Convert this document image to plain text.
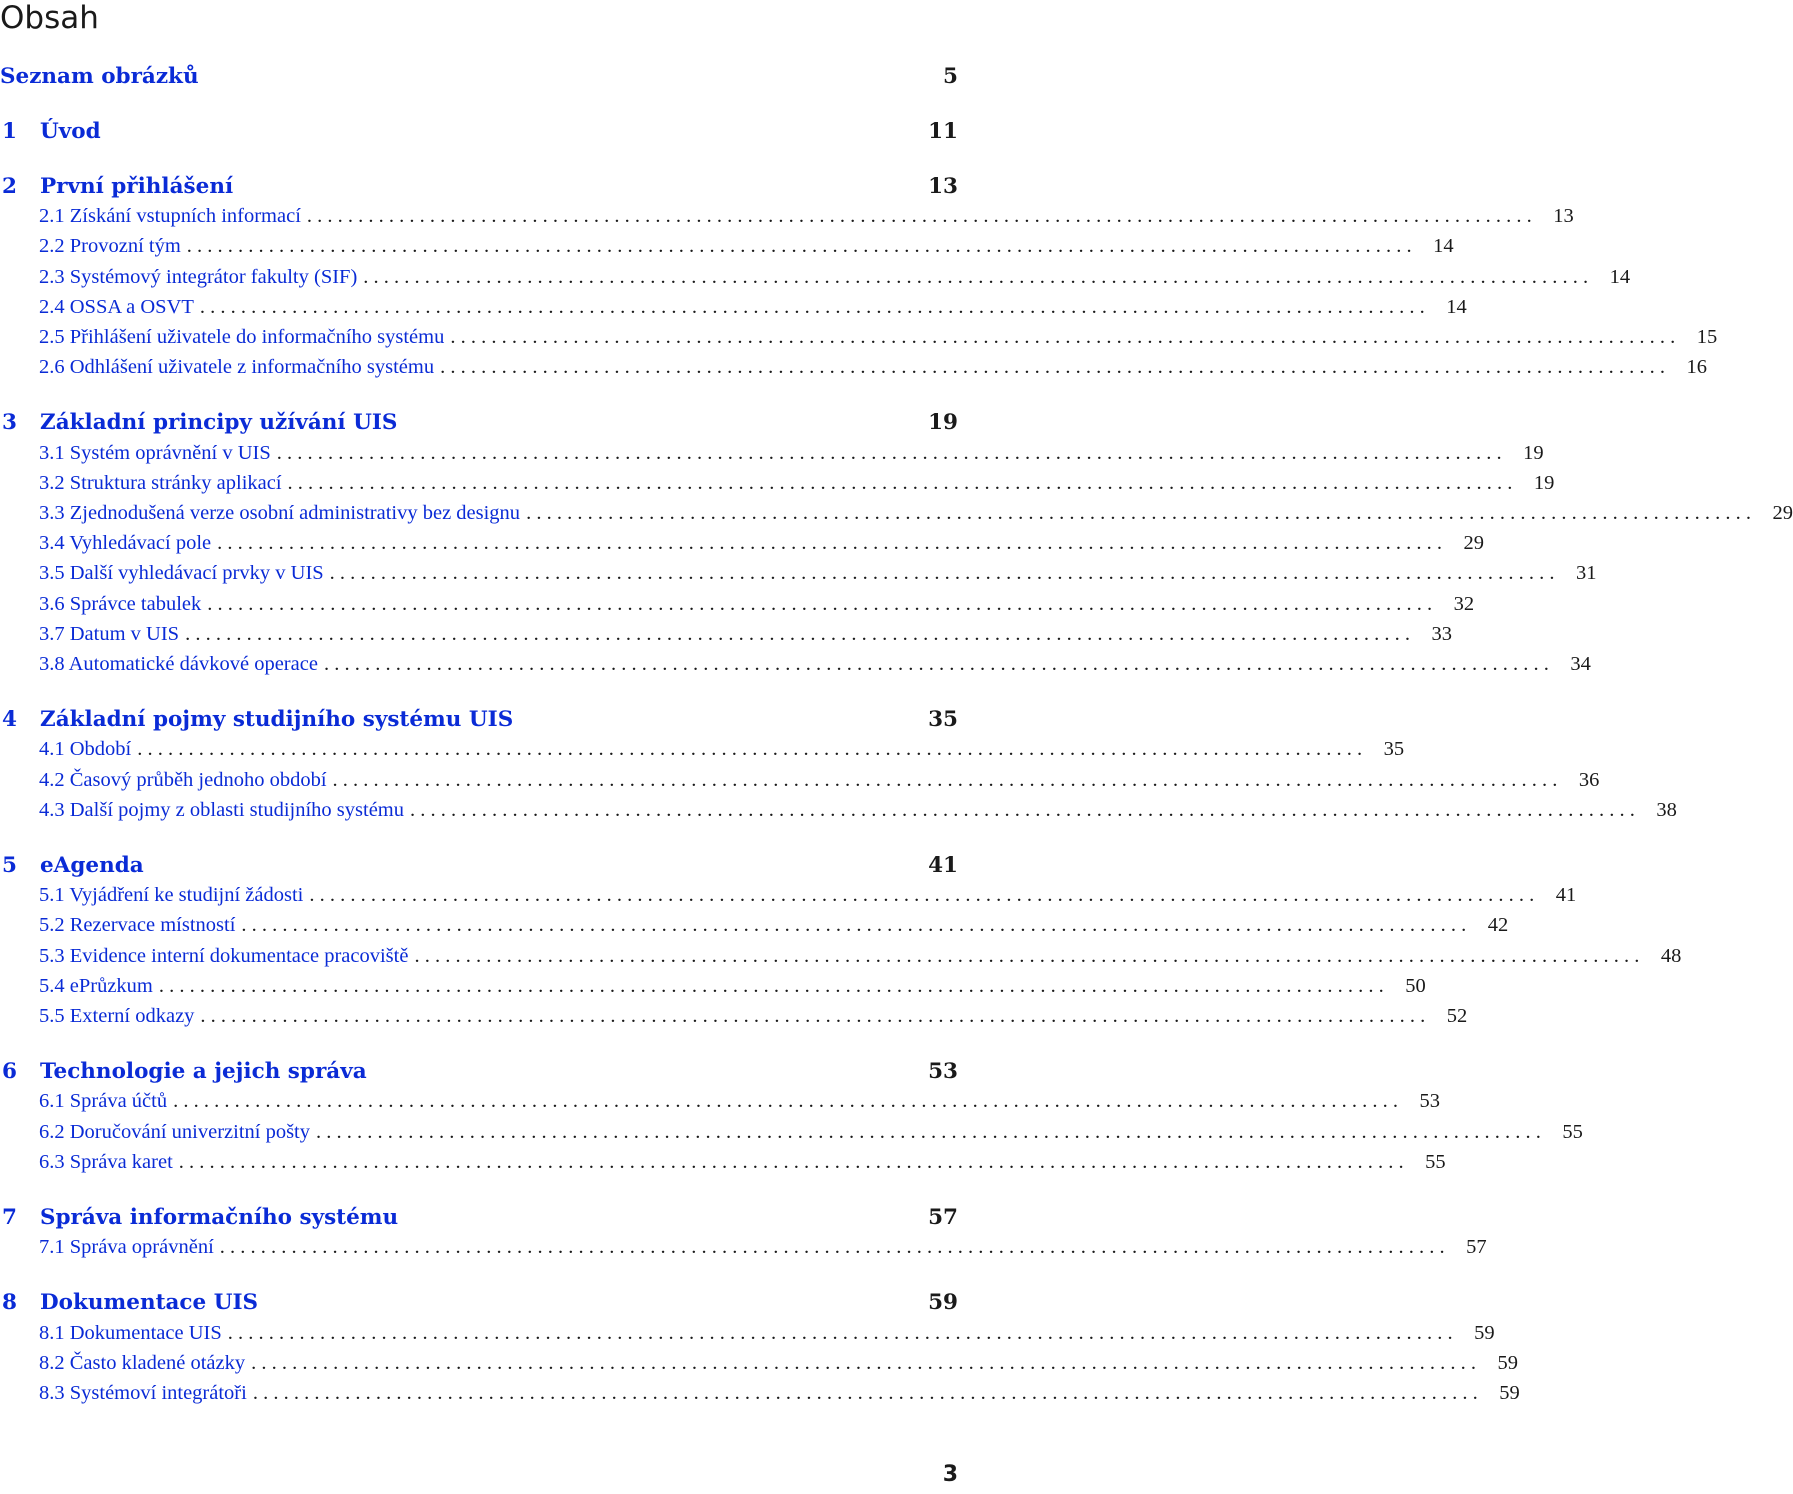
Obsah
Seznam obrázků	5
1	Úvod	11
2	První přihlášení	13
2.1 Získání vstupních informací . . . . . . . . . . . . . . . . . . . . . . . . . . . . . . . . . . . . . . . . . . . . . . . . . . . . . . . . . . . . . . . . . . . . . . . . . . . . . . . . . . . . . . . . . . . . . . . . . . . . . . . . . . . . . . . . . . . . . . . . 13
2.2 Provozní tým . . . . . . . . . . . . . . . . . . . . . . . . . . . . . . . . . . . . . . . . . . . . . . . . . . . . . . . . . . . . . . . . . . . . . . . . . . . . . . . . . . . . . . . . . . . . . . . . . . . . . . . . . . . . . . . . . . . . . . . . 14
2.3 Systémový integrátor fakulty (SIF) . . . . . . . . . . . . . . . . . . . . . . . . . . . . . . . . . . . . . . . . . . . . . . . . . . . . . . . . . . . . . . . . . . . . . . . . . . . . . . . . . . . . . . . . . . . . . . . . . . . . . . . . . . . . . . . . . . . . . . . . 14
2.4 OSSA a OSVT . . . . . . . . . . . . . . . . . . . . . . . . . . . . . . . . . . . . . . . . . . . . . . . . . . . . . . . . . . . . . . . . . . . . . . . . . . . . . . . . . . . . . . . . . . . . . . . . . . . . . . . . . . . . . . . . . . . . . . . . 14
2.5 Přihlášení uživatele do informačního systému . . . . . . . . . . . . . . . . . . . . . . . . . . . . . . . . . . . . . . . . . . . . . . . . . . . . . . . . . . . . . . . . . . . . . . . . . . . . . . . . . . . . . . . . . . . . . . . . . . . . . . . . . . . . . . . . . . . . . . . . 15
2.6 Odhlášení uživatele z informačního systému . . . . . . . . . . . . . . . . . . . . . . . . . . . . . . . . . . . . . . . . . . . . . . . . . . . . . . . . . . . . . . . . . . . . . . . . . . . . . . . . . . . . . . . . . . . . . . . . . . . . . . . . . . . . . . . . . . . . . . . . 16
3	Základní principy užívání UIS	19
3.1 Systém oprávnění v UIS . . . . . . . . . . . . . . . . . . . . . . . . . . . . . . . . . . . . . . . . . . . . . . . . . . . . . . . . . . . . . . . . . . . . . . . . . . . . . . . . . . . . . . . . . . . . . . . . . . . . . . . . . . . . . . . . . . . . . . . . 19
3.2 Struktura stránky aplikací . . . . . . . . . . . . . . . . . . . . . . . . . . . . . . . . . . . . . . . . . . . . . . . . . . . . . . . . . . . . . . . . . . . . . . . . . . . . . . . . . . . . . . . . . . . . . . . . . . . . . . . . . . . . . . . . . . . . . . . . 19
3.3 Zjednodušená verze osobní administrativy bez designu . . . . . . . . . . . . . . . . . . . . . . . . . . . . . . . . . . . . . . . . . . . . . . . . . . . . . . . . . . . . . . . . . . . . . . . . . . . . . . . . . . . . . . . . . . . . . . . . . . . . . . . . . . . . . . . . . . . . . . . . 29
3.4 Vyhledávací pole . . . . . . . . . . . . . . . . . . . . . . . . . . . . . . . . . . . . . . . . . . . . . . . . . . . . . . . . . . . . . . . . . . . . . . . . . . . . . . . . . . . . . . . . . . . . . . . . . . . . . . . . . . . . . . . . . . . . . . . . 29
3.5 Další vyhledávací prvky v UIS . . . . . . . . . . . . . . . . . . . . . . . . . . . . . . . . . . . . . . . . . . . . . . . . . . . . . . . . . . . . . . . . . . . . . . . . . . . . . . . . . . . . . . . . . . . . . . . . . . . . . . . . . . . . . . . . . . . . . . . . 31
3.6 Správce tabulek . . . . . . . . . . . . . . . . . . . . . . . . . . . . . . . . . . . . . . . . . . . . . . . . . . . . . . . . . . . . . . . . . . . . . . . . . . . . . . . . . . . . . . . . . . . . . . . . . . . . . . . . . . . . . . . . . . . . . . . . 32
3.7 Datum v UIS . . . . . . . . . . . . . . . . . . . . . . . . . . . . . . . . . . . . . . . . . . . . . . . . . . . . . . . . . . . . . . . . . . . . . . . . . . . . . . . . . . . . . . . . . . . . . . . . . . . . . . . . . . . . . . . . . . . . . . . . 33
3.8 Automatické dávkové operace . . . . . . . . . . . . . . . . . . . . . . . . . . . . . . . . . . . . . . . . . . . . . . . . . . . . . . . . . . . . . . . . . . . . . . . . . . . . . . . . . . . . . . . . . . . . . . . . . . . . . . . . . . . . . . . . . . . . . . . . 34
4	Základní pojmy studijního systému UIS	35
4.1 Období . . . . . . . . . . . . . . . . . . . . . . . . . . . . . . . . . . . . . . . . . . . . . . . . . . . . . . . . . . . . . . . . . . . . . . . . . . . . . . . . . . . . . . . . . . . . . . . . . . . . . . . . . . . . . . . . . . . . . . . . 35
4.2 Časový průběh jednoho období . . . . . . . . . . . . . . . . . . . . . . . . . . . . . . . . . . . . . . . . . . . . . . . . . . . . . . . . . . . . . . . . . . . . . . . . . . . . . . . . . . . . . . . . . . . . . . . . . . . . . . . . . . . . . . . . . . . . . . . . 36
4.3 Další pojmy z oblasti studijního systému . . . . . . . . . . . . . . . . . . . . . . . . . . . . . . . . . . . . . . . . . . . . . . . . . . . . . . . . . . . . . . . . . . . . . . . . . . . . . . . . . . . . . . . . . . . . . . . . . . . . . . . . . . . . . . . . . . . . . . . . 38
5	eAgenda	41
5.1 Vyjádření ke studijní žádosti . . . . . . . . . . . . . . . . . . . . . . . . . . . . . . . . . . . . . . . . . . . . . . . . . . . . . . . . . . . . . . . . . . . . . . . . . . . . . . . . . . . . . . . . . . . . . . . . . . . . . . . . . . . . . . . . . . . . . . . . 41
5.2 Rezervace místností . . . . . . . . . . . . . . . . . . . . . . . . . . . . . . . . . . . . . . . . . . . . . . . . . . . . . . . . . . . . . . . . . . . . . . . . . . . . . . . . . . . . . . . . . . . . . . . . . . . . . . . . . . . . . . . . . . . . . . . . 42
5.3 Evidence interní dokumentace pracoviště . . . . . . . . . . . . . . . . . . . . . . . . . . . . . . . . . . . . . . . . . . . . . . . . . . . . . . . . . . . . . . . . . . . . . . . . . . . . . . . . . . . . . . . . . . . . . . . . . . . . . . . . . . . . . . . . . . . . . . . . 48
5.4 ePrůzkum . . . . . . . . . . . . . . . . . . . . . . . . . . . . . . . . . . . . . . . . . . . . . . . . . . . . . . . . . . . . . . . . . . . . . . . . . . . . . . . . . . . . . . . . . . . . . . . . . . . . . . . . . . . . . . . . . . . . . . . . 50
5.5 Externí odkazy . . . . . . . . . . . . . . . . . . . . . . . . . . . . . . . . . . . . . . . . . . . . . . . . . . . . . . . . . . . . . . . . . . . . . . . . . . . . . . . . . . . . . . . . . . . . . . . . . . . . . . . . . . . . . . . . . . . . . . . . 52
6	Technologie a jejich správa	53
6.1 Správa účtů . . . . . . . . . . . . . . . . . . . . . . . . . . . . . . . . . . . . . . . . . . . . . . . . . . . . . . . . . . . . . . . . . . . . . . . . . . . . . . . . . . . . . . . . . . . . . . . . . . . . . . . . . . . . . . . . . . . . . . . . 53
6.2 Doručování univerzitní pošty . . . . . . . . . . . . . . . . . . . . . . . . . . . . . . . . . . . . . . . . . . . . . . . . . . . . . . . . . . . . . . . . . . . . . . . . . . . . . . . . . . . . . . . . . . . . . . . . . . . . . . . . . . . . . . . . . . . . . . . . 55
6.3 Správa karet . . . . . . . . . . . . . . . . . . . . . . . . . . . . . . . . . . . . . . . . . . . . . . . . . . . . . . . . . . . . . . . . . . . . . . . . . . . . . . . . . . . . . . . . . . . . . . . . . . . . . . . . . . . . . . . . . . . . . . . . 55
7	Správa informačního systému	57
7.1 Správa oprávnění . . . . . . . . . . . . . . . . . . . . . . . . . . . . . . . . . . . . . . . . . . . . . . . . . . . . . . . . . . . . . . . . . . . . . . . . . . . . . . . . . . . . . . . . . . . . . . . . . . . . . . . . . . . . . . . . . . . . . . . . 57
8	Dokumentace UIS	59
8.1 Dokumentace UIS . . . . . . . . . . . . . . . . . . . . . . . . . . . . . . . . . . . . . . . . . . . . . . . . . . . . . . . . . . . . . . . . . . . . . . . . . . . . . . . . . . . . . . . . . . . . . . . . . . . . . . . . . . . . . . . . . . . . . . . . 59
8.2 Často kladené otázky . . . . . . . . . . . . . . . . . . . . . . . . . . . . . . . . . . . . . . . . . . . . . . . . . . . . . . . . . . . . . . . . . . . . . . . . . . . . . . . . . . . . . . . . . . . . . . . . . . . . . . . . . . . . . . . . . . . . . . . . 59
8.3 Systémoví integrátoři . . . . . . . . . . . . . . . . . . . . . . . . . . . . . . . . . . . . . . . . . . . . . . . . . . . . . . . . . . . . . . . . . . . . . . . . . . . . . . . . . . . . . . . . . . . . . . . . . . . . . . . . . . . . . . . . . . . . . . . . 59
3
